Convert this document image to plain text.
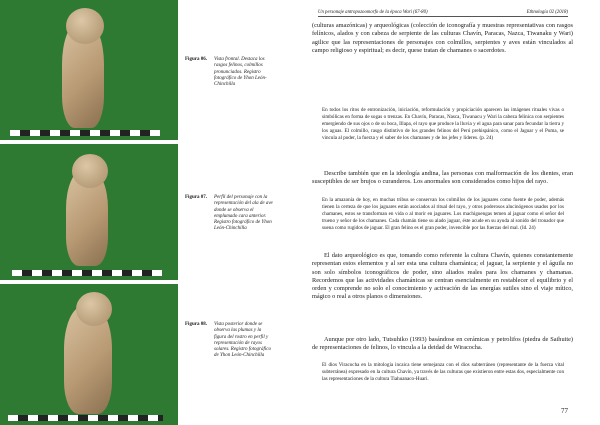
Figura 06. Vista frontal. Destaca los rasgos felinos, colmillos pronunciados. Registro fotográfico de Yhon León-Chinchilla
Figura 07. Perfil del personaje con la representación del ala de ave donde se observa el emplumado cara anterior. Registro fotográfico de Yhon León-Chinchilla
Figura 08. Vista posterior donde se observa las plumas y la figura del rostro en perfil y representación de rayos solares. Registro fotográfico de Yhon León-Chinchilla
Un personaje antropozoomorfo de la época Wari (67-80)	Ethnología 02 (2018)

(culturas amazónicas) y arqueológicas (colección de iconografía y muestras representativas con rasgos felínicos, alados y con cabeza de serpiente de las culturas Chavín, Paracas, Nazca, Tiwanaku y Wari) agilice que las representaciones de personajes con colmillos, serpientes y aves están vinculados al campo religioso y espiritual; es decir, quese tratan de chamanes o sacerdotes.

En todos los ritos de entronización, iniciación, reformulación y propiciación aparecen las imágenes rituales vivas o simbólicas en forma de sogas o trenzas. En Chavín, Paracas, Nasca, Tiwanacu y Wari la cabeza felínica con serpientes emergiendo de sus ojos o de su boca, Illapa, el rayo que produce la lluvia y el agua para sanar para fecundar la tierra y los aguas. El colmillo, rasgo distintivo de los grandes felinos del Perú prehispánico, como el Jaguar y el Puma, se vincula al poder, la fuerza y el saber de los chamanes y de los jefes y líderes. (p. 24)

Describe también que en la ideología andina, las personas con malformación de los dientes, eran susceptibles de ser brujos o curanderos. Los anormales son considerados como hijos del rayo.

En la amazonía de hoy, en muchas tribus se conservan los colmillos de los jaguares como fuente de poder, además tienen la certeza de que los jaguares están asociados al ritual del rayo, y otros poderosos alucinógenos usados por los chamanes, estos se transforman en vida o al morir en jaguares. Los machiguengas temen al jaguar como el señor del trueno y señor de los chamanes. Cada chamán tiene su alado jaguar, éste acude en su ayuda al sonido del tronador que suena como rugidos de jaguar. El gran felino es el gran poder, invencible por las fuerzas del mal. (Id. 24)

El dato arqueológico es que, tomando como referente la cultura Chavín, quienes constantemente representan estos elementos y al ser esta una cultura chamánica; el jaguar, la serpiente y el águila no son solo símbolos iconográficos de poder, sino aliados reales para los chamanes y chamanas. Recordemos que las actividades chamánicas se centran esencialmente en restablecer el equilibrio y el orden y comprende no solo el conocimiento y activación de las energías sutiles sino el viaje mítico, mágico o real a otros planos o dimensiones.

Aunque por otro lado, Tutsuhiko (1993) basándose en cerámicas y petrolifos (piedra de Saihuite) de representaciones de felinos, lo vincula a la deidad de Wiracocha.

El dios Viracocha en la mitología incaica tiene semejanza con el dios subterráneo (representante de la fuerza vital subterránea) expresado en la cultura Chavín, ya través de las culturas que existieron entre estas dos, especialmente con las representaciones de la cultura Tiahuanaco-Huari.

77
